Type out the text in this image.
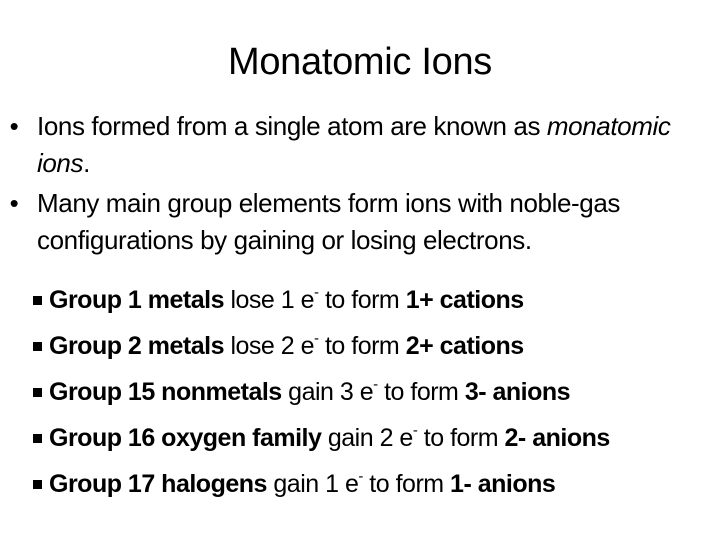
Monatomic Ions
• Ions formed from a single atom are known as monatomic ions.
• Many main group elements form ions with noble-gas configurations by gaining or losing electrons.
Group 1 metals lose 1 e- to form 1+ cations
Group 2 metals lose 2 e- to form 2+ cations
Group 15 nonmetals gain 3 e- to form 3- anions
Group 16 oxygen family gain 2 e- to form 2- anions
Group 17 halogens gain 1 e- to form 1- anions
